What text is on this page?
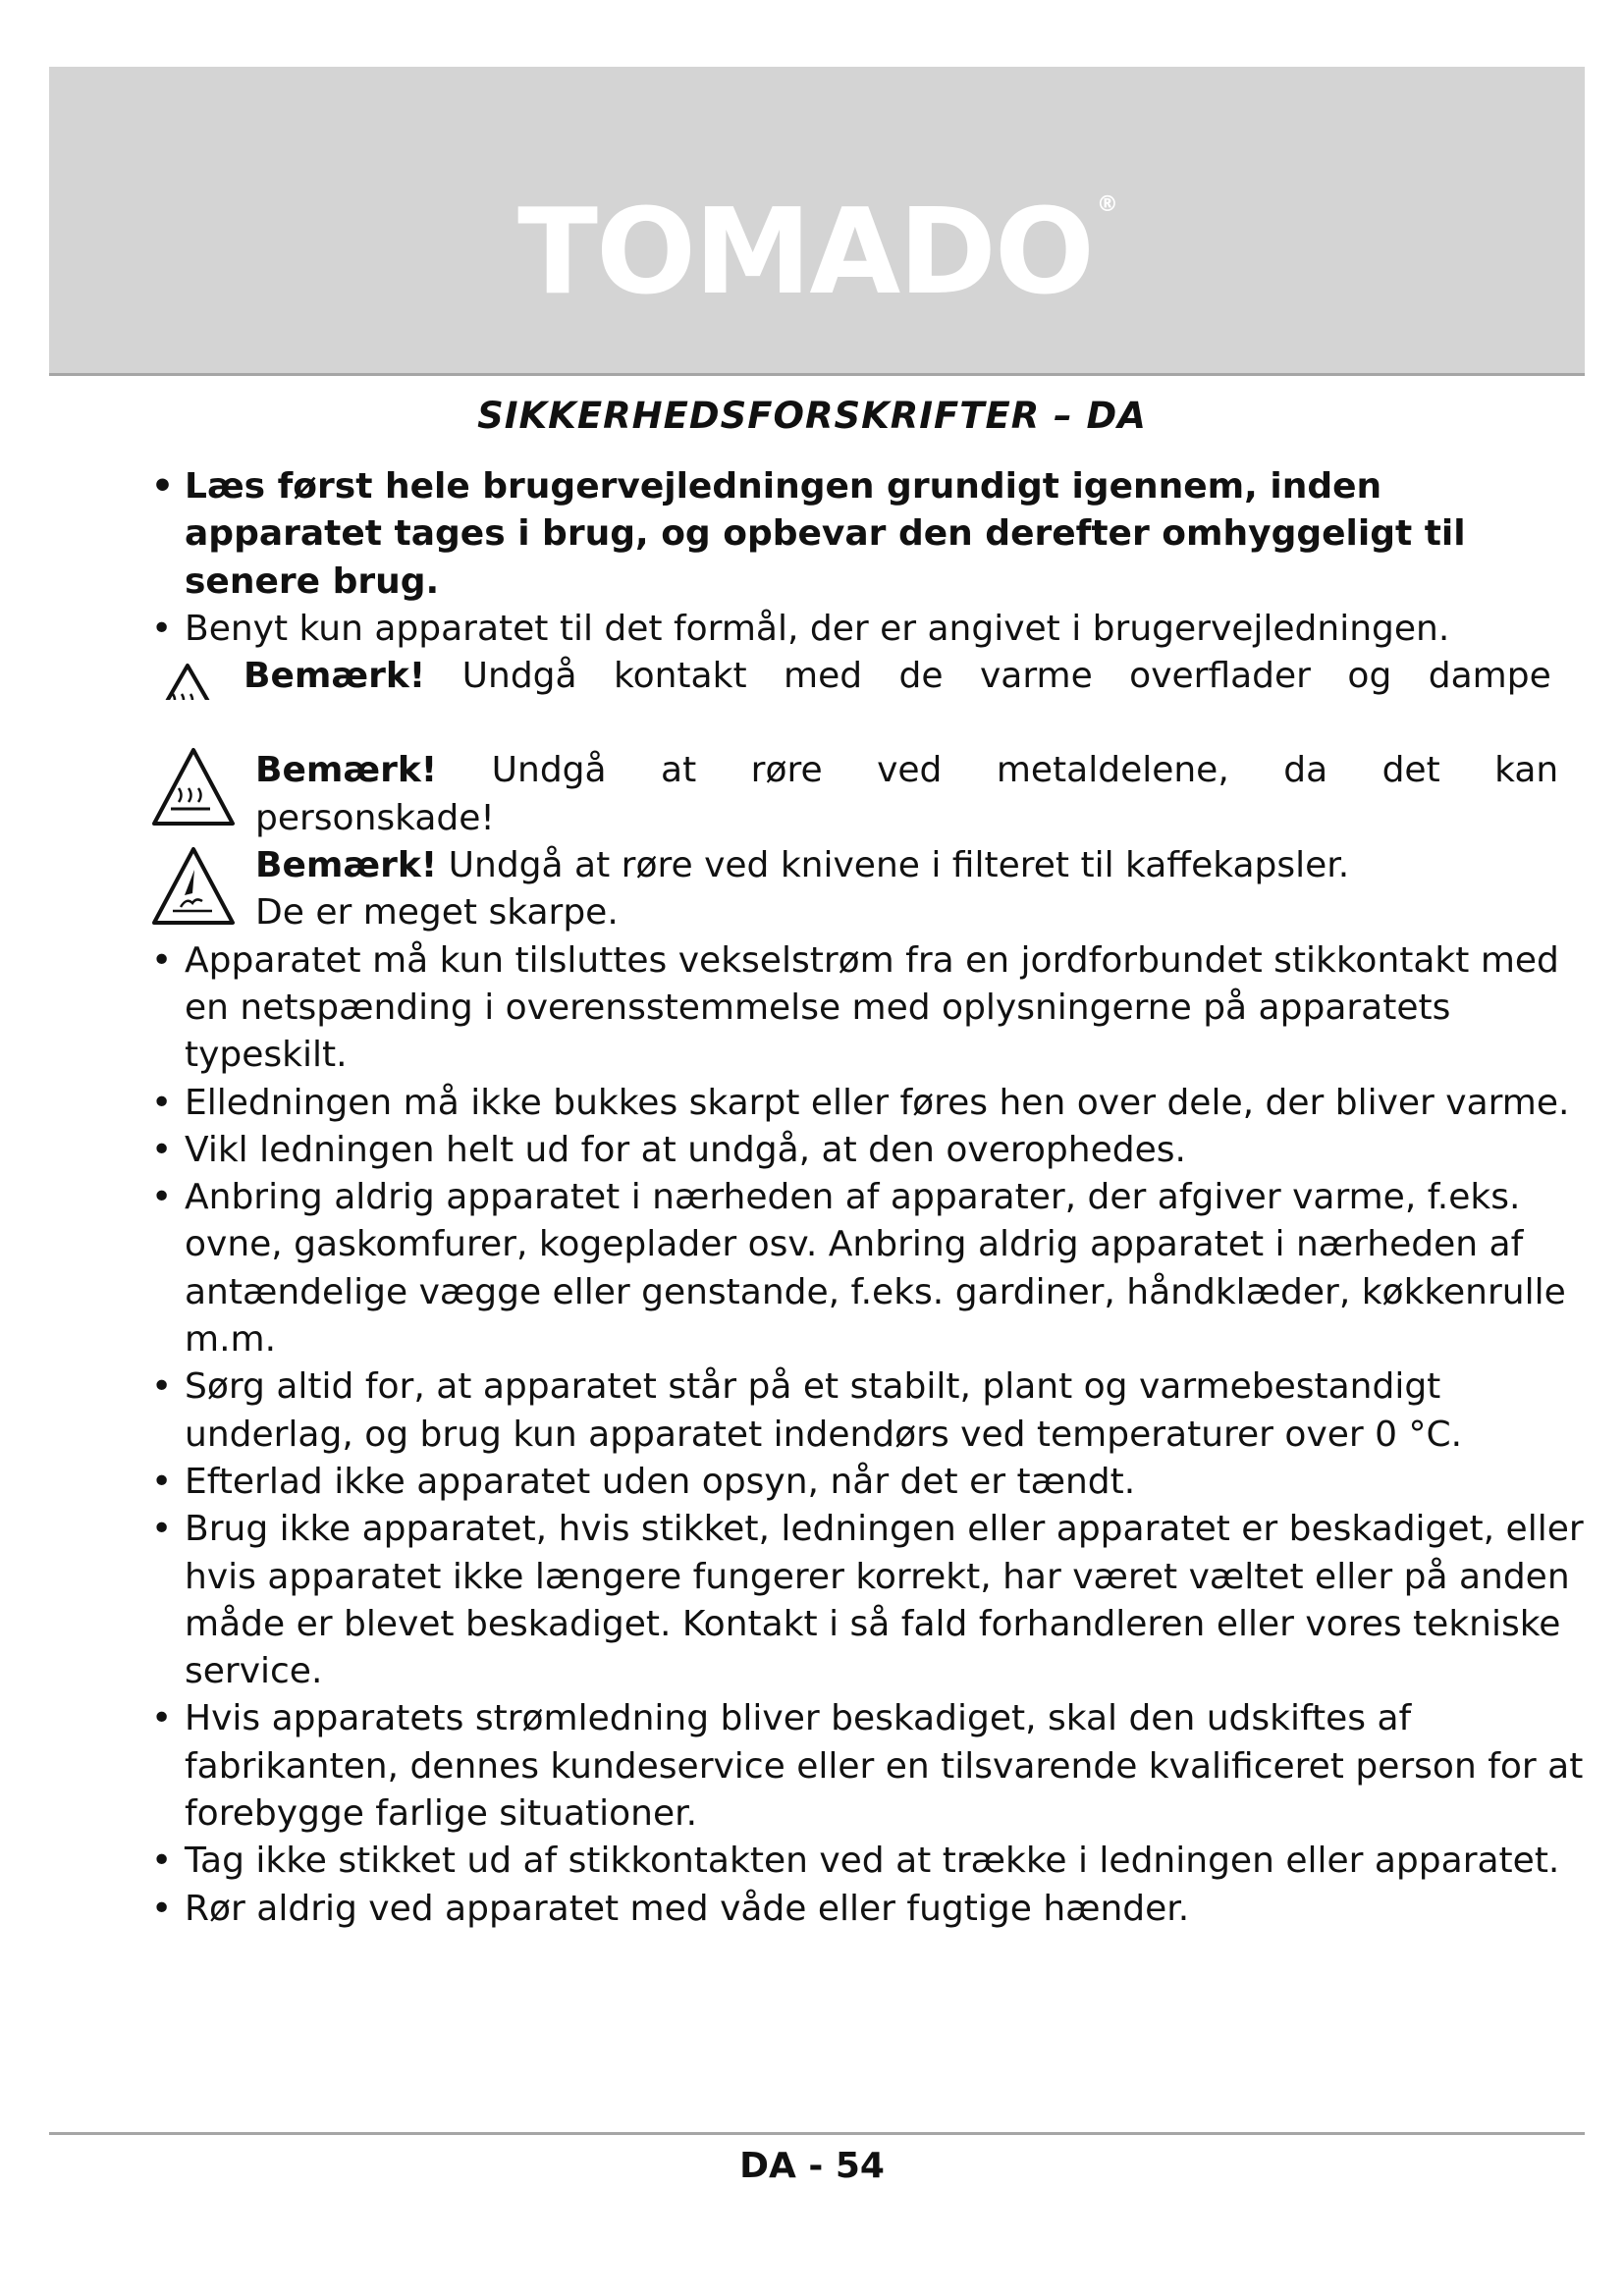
TOMADO ®
SIKKERHEDSFORSKRIFTER – DA
• Læs først hele brugervejledningen grundigt igennem, inden apparatet tages i brug, og opbevar den derefter omhyggeligt til senere brug.
• Benyt kun apparatet til det formål, der er angivet i brugervejledningen.
Bemærk! Undgå kontakt med de varme overflader og dampe
Bemærk! Undgå at røre ved metaldelene, da det kan
personskade!
Bemærk! Undgå at røre ved knivene i filteret til kaffekapsler.
De er meget skarpe.
• Apparatet må kun tilsluttes vekselstrøm fra en jordforbundet stikkontakt med en netspænding i overensstemmelse med oplysningerne på apparatets typeskilt.
• Elledningen må ikke bukkes skarpt eller føres hen over dele, der bliver varme.
• Vikl ledningen helt ud for at undgå, at den overophedes.
• Anbring aldrig apparatet i nærheden af apparater, der afgiver varme, f.eks. ovne, gaskomfurer, kogeplader osv. Anbring aldrig apparatet i nærheden af antændelige vægge eller genstande, f.eks. gardiner, håndklæder, køkkenrulle m.m.
• Sørg altid for, at apparatet står på et stabilt, plant og varmebestandigt underlag, og brug kun apparatet indendørs ved temperaturer over 0 °C.
• Efterlad ikke apparatet uden opsyn, når det er tændt.
• Brug ikke apparatet, hvis stikket, ledningen eller apparatet er beskadiget, eller hvis apparatet ikke længere fungerer korrekt, har været væltet eller på anden måde er blevet beskadiget. Kontakt i så fald forhandleren eller vores tekniske service.
• Hvis apparatets strømledning bliver beskadiget, skal den udskiftes af fabrikanten, dennes kundeservice eller en tilsvarende kvalificeret person for at forebygge farlige situationer.
• Tag ikke stikket ud af stikkontakten ved at trække i ledningen eller apparatet.
• Rør aldrig ved apparatet med våde eller fugtige hænder.
DA - 54
